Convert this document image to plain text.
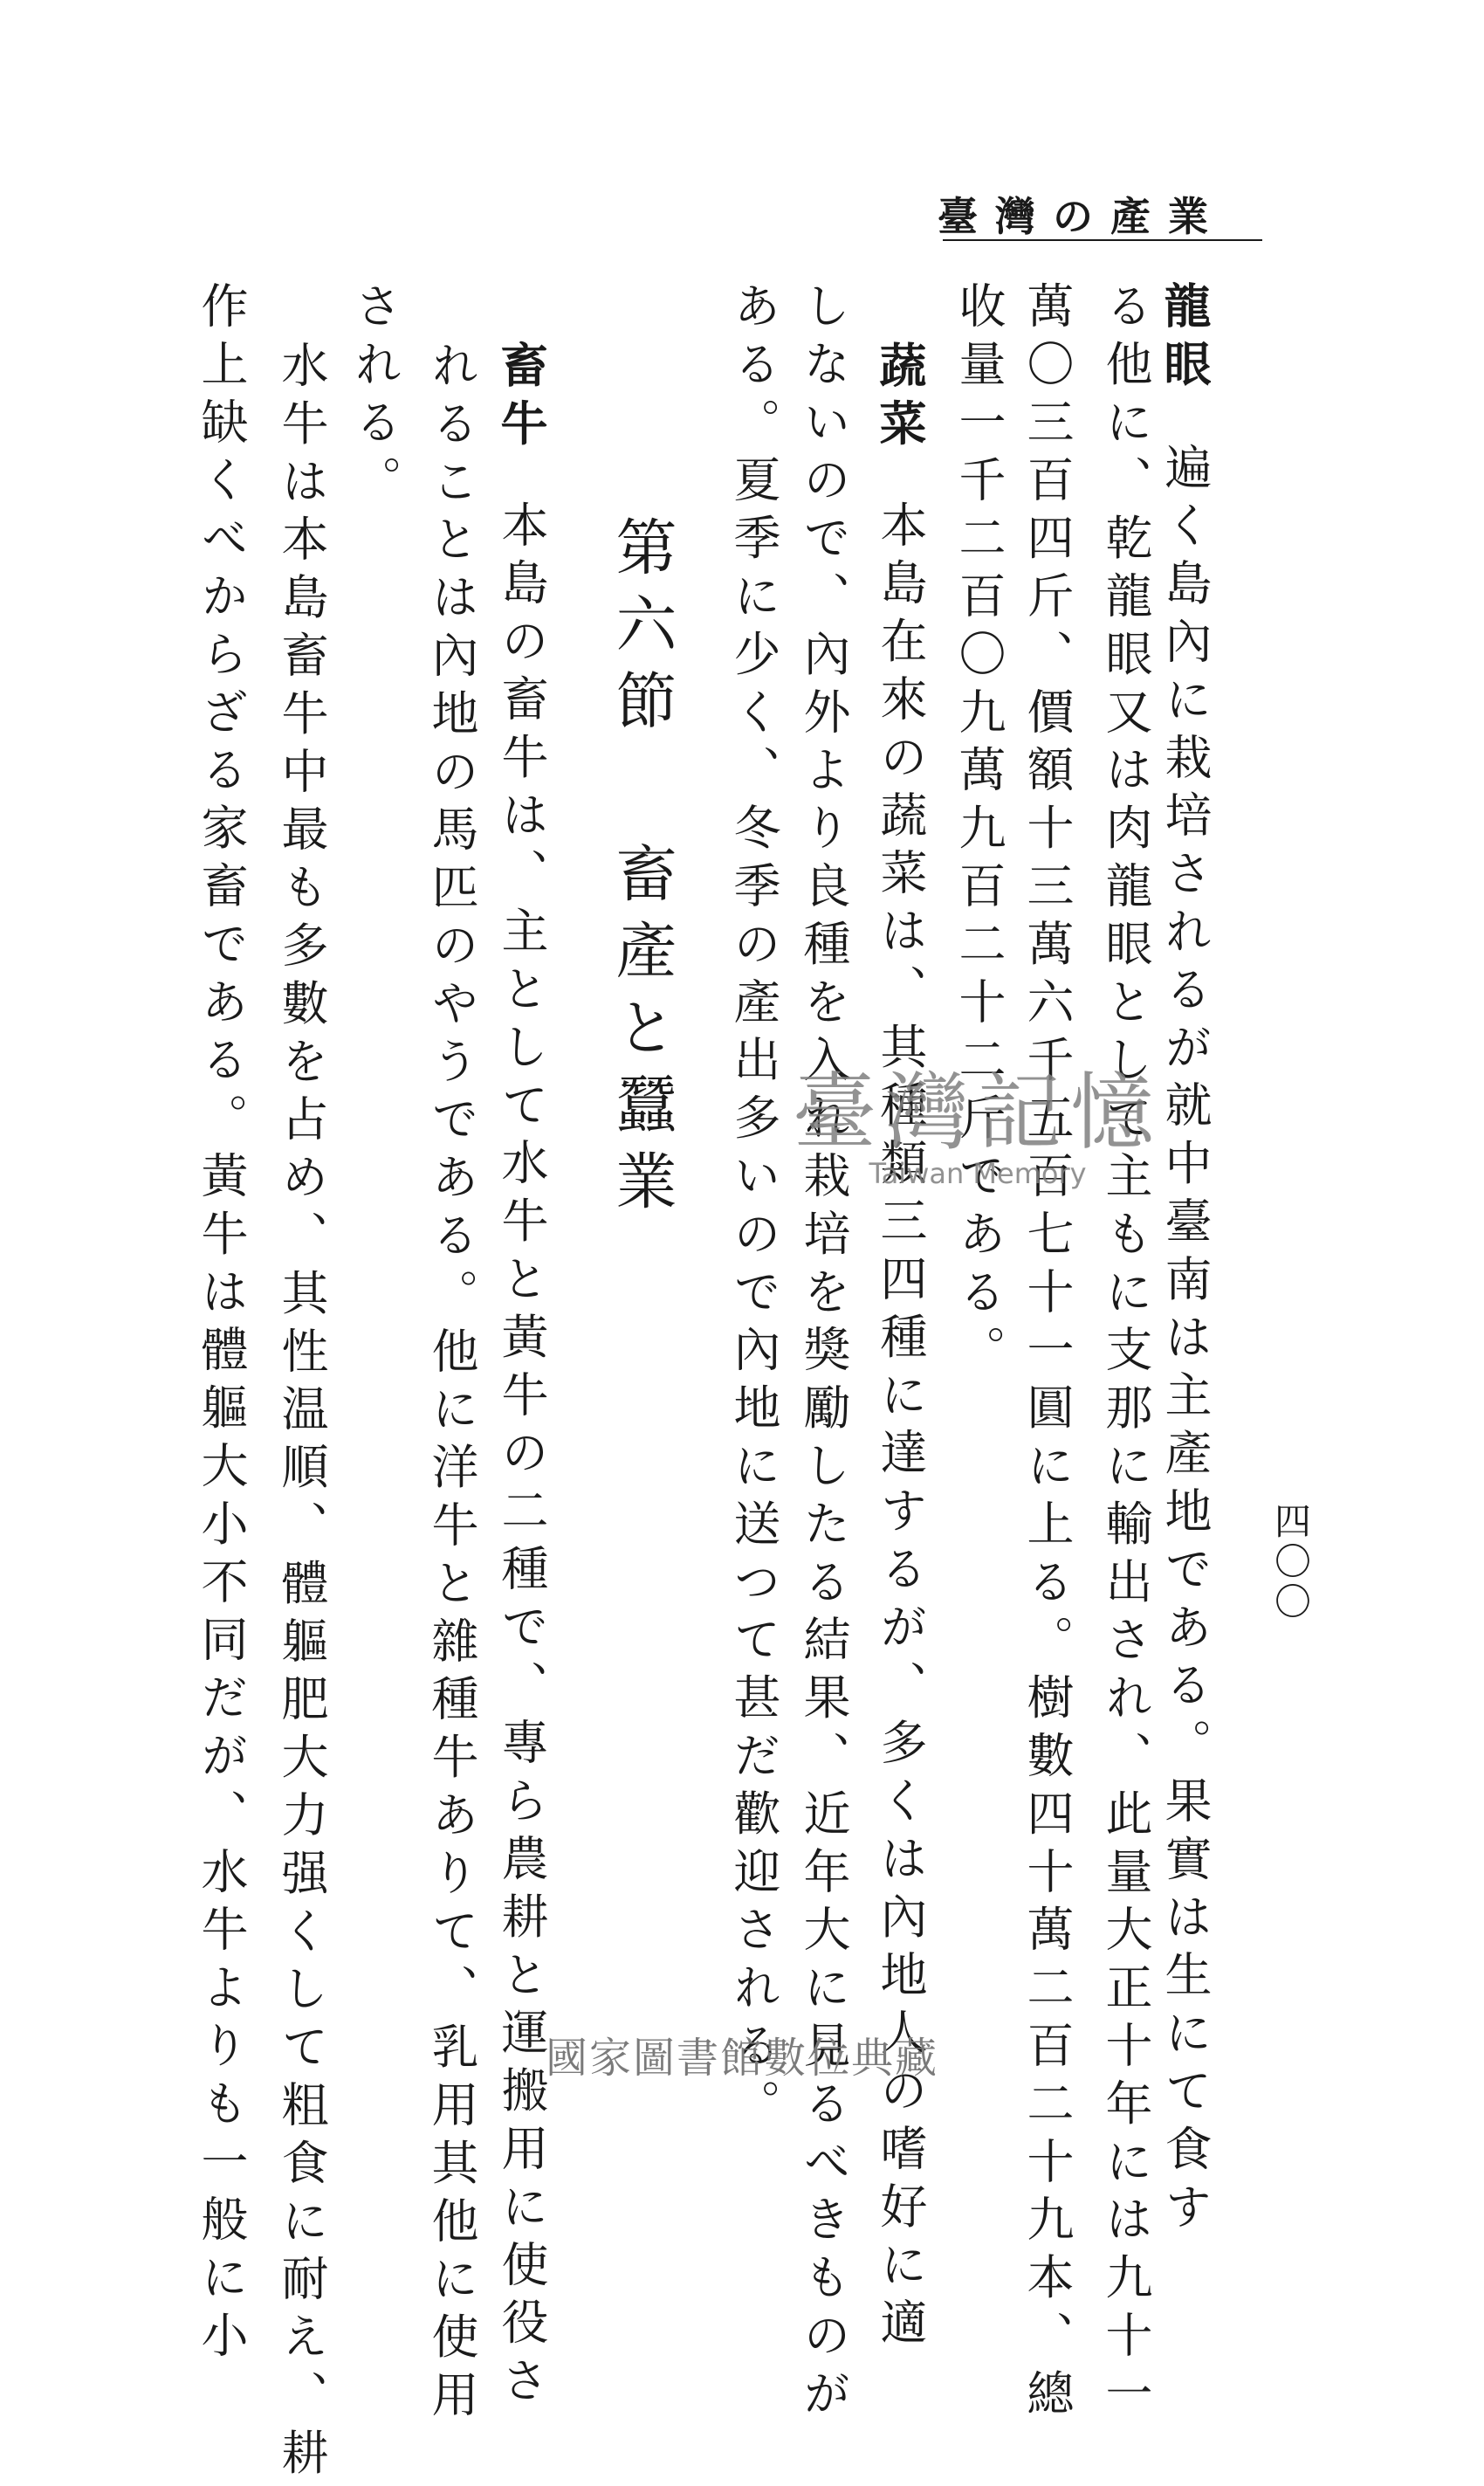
臺灣の產業
四〇〇
龍眼遍く島內に栽培されるが就中臺南は主產地である。果實は生にて食す
る他に、乾龍眼又は肉龍眼として主もに支那に輸出され、此量大正十年には九十一
萬〇三百四斤、價額十三萬六千五百七十一圓に上る。樹數四十萬二百二十九本、總
收量一千二百〇九萬九百二十二斤である。
蔬菜本島在來の蔬菜は、其種類三四種に達するが、多くは內地人の嗜好に適
しないので、內外より良種を入れ栽培を獎勵したる結果、近年大に見るべきものが
ある。夏季に少く、冬季の產出多いので內地に送つて甚だ歡迎される。
第六節畜產と蠶業
畜牛本島の畜牛は、主として水牛と黃牛の二種で、專ら農耕と運搬用に使役さ
れることは內地の馬匹のやうである。他に洋牛と雜種牛ありて、乳用其他に使用
される。
水牛は本島畜牛中最も多數を占め、其性温順、體軀肥大力强くして粗食に耐え、耕
作上缺くべからざる家畜である。黃牛は體軀大小不同だが、水牛よりも一般に小	臺灣記憶
Taiwan Memory
國家圖書館數位典藏
